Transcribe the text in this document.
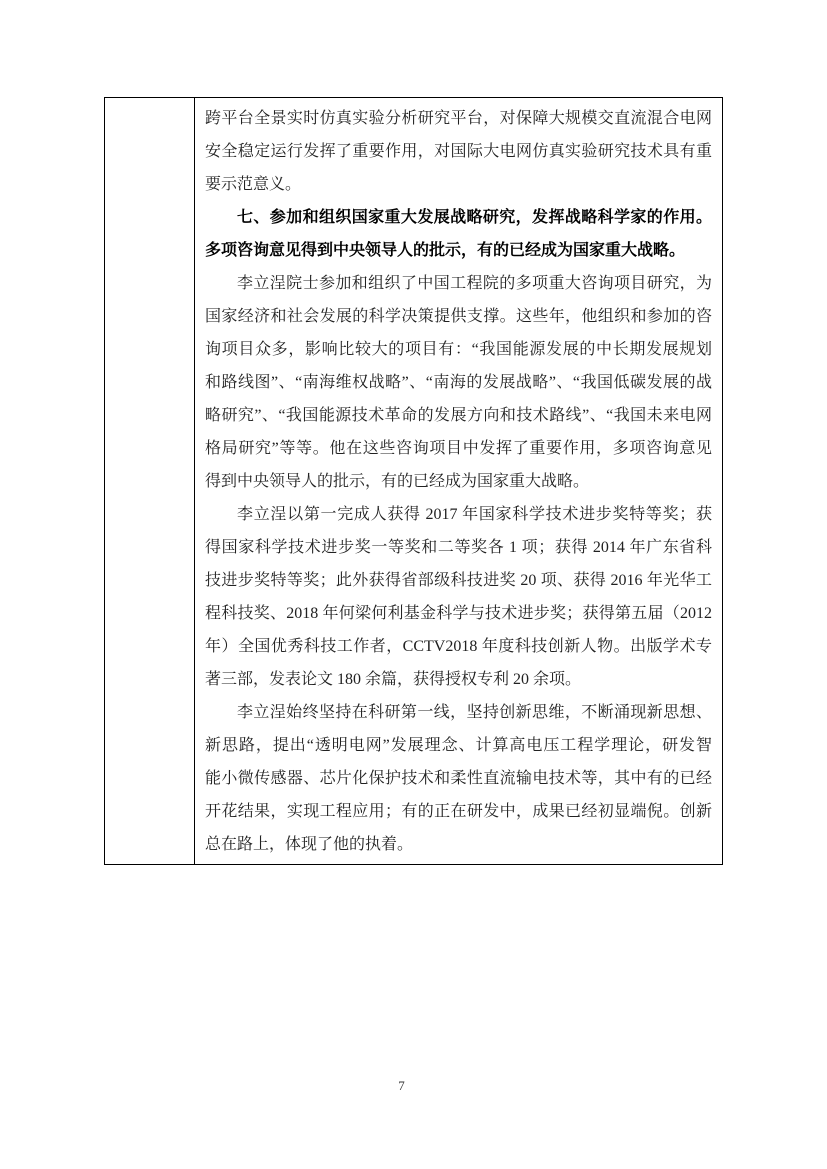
跨平台全景实时仿真实验分析研究平台，对保障大规模交直流混合电网
安全稳定运行发挥了重要作用，对国际大电网仿真实验研究技术具有重
要示范意义。
七、参加和组织国家重大发展战略研究，发挥战略科学家的作用。
多项咨询意见得到中央领导人的批示，有的已经成为国家重大战略。
李立浧院士参加和组织了中国工程院的多项重大咨询项目研究，为
国家经济和社会发展的科学决策提供支撑。这些年，他组织和参加的咨
询项目众多，影响比较大的项目有：“我国能源发展的中长期发展规划
和路线图”、“南海维权战略”、“南海的发展战略”、“我国低碳发展的战
略研究”、“我国能源技术革命的发展方向和技术路线”、“我国未来电网
格局研究”等等。他在这些咨询项目中发挥了重要作用，多项咨询意见
得到中央领导人的批示，有的已经成为国家重大战略。
李立浧以第一完成人获得 2017 年国家科学技术进步奖特等奖；获
得国家科学技术进步奖一等奖和二等奖各 1 项；获得 2014 年广东省科
技进步奖特等奖；此外获得省部级科技进奖 20 项、获得 2016 年光华工
程科技奖、2018 年何梁何利基金科学与技术进步奖；获得第五届（2012
年）全国优秀科技工作者，CCTV2018 年度科技创新人物。出版学术专
著三部，发表论文 180 余篇，获得授权专利 20 余项。
李立浧始终坚持在科研第一线，坚持创新思维，不断涌现新思想、
新思路，提出“透明电网”发展理念、计算高电压工程学理论，研发智
能小微传感器、芯片化保护技术和柔性直流输电技术等，其中有的已经
开花结果，实现工程应用；有的正在研发中，成果已经初显端倪。创新
总在路上，体现了他的执着。
7
